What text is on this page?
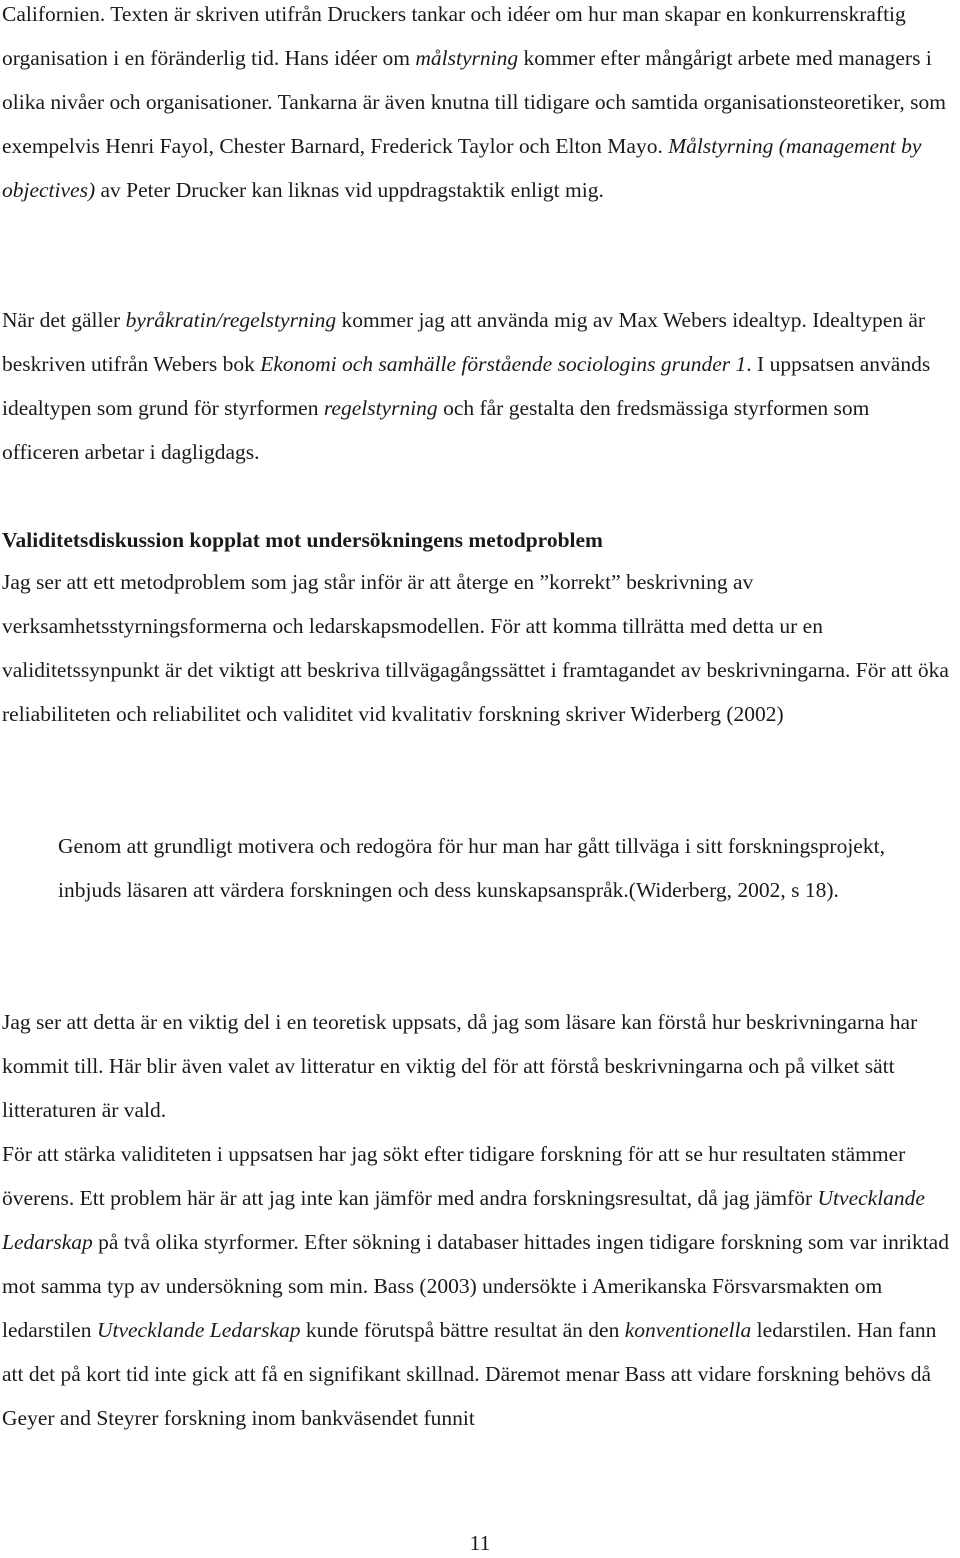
Californien. Texten är skriven utifrån Druckers tankar och idéer om hur man skapar en konkurrenskraftig organisation i en föränderlig tid. Hans idéer om målstyrning kommer efter mångårigt arbete med managers i olika nivåer och organisationer. Tankarna är även knutna till tidigare och samtida organisationsteoretiker, som exempelvis Henri Fayol, Chester Barnard, Frederick Taylor och Elton Mayo. Målstyrning (management by objectives) av Peter Drucker kan liknas vid uppdragstaktik enligt mig.

När det gäller byråkratin/regelstyrning kommer jag att använda mig av Max Webers idealtyp. Idealtypen är beskriven utifrån Webers bok Ekonomi och samhälle förstående sociologins grunder 1. I uppsatsen används idealtypen som grund för styrformen regelstyrning och får gestalta den fredsmässiga styrformen som officeren arbetar i dagligdags.

Validitetsdiskussion kopplat mot undersökningens metodproblem

Jag ser att ett metodproblem som jag står inför är att återge en ”korrekt” beskrivning av verksamhetsstyrningsformerna och ledarskapsmodellen. För att komma tillrätta med detta ur en validitetssynpunkt är det viktigt att beskriva tillvägagångssättet i framtagandet av beskrivningarna. För att öka reliabiliteten och reliabilitet och validitet vid kvalitativ forskning skriver Widerberg (2002)

Genom att grundligt motivera och redogöra för hur man har gått tillväga i sitt forskningsprojekt, inbjuds läsaren att värdera forskningen och dess kunskapsanspråk.(Widerberg, 2002, s 18).

Jag ser att detta är en viktig del i en teoretisk uppsats, då jag som läsare kan förstå hur beskrivningarna har kommit till. Här blir även valet av litteratur en viktig del för att förstå beskrivningarna och på vilket sätt litteraturen är vald.

För att stärka validiteten i uppsatsen har jag sökt efter tidigare forskning för att se hur resultaten stämmer överens. Ett problem här är att jag inte kan jämför med andra forskningsresultat, då jag jämför Utvecklande Ledarskap på två olika styrformer. Efter sökning i databaser hittades ingen tidigare forskning som var inriktad mot samma typ av undersökning som min. Bass (2003) undersökte i Amerikanska Försvarsmakten om ledarstilen Utvecklande Ledarskap kunde förutspå bättre resultat än den konventionella ledarstilen. Han fann att det på kort tid inte gick att få en signifikant skillnad. Däremot menar Bass att vidare forskning behövs då Geyer and Steyrer forskning inom bankväsendet funnit

11
